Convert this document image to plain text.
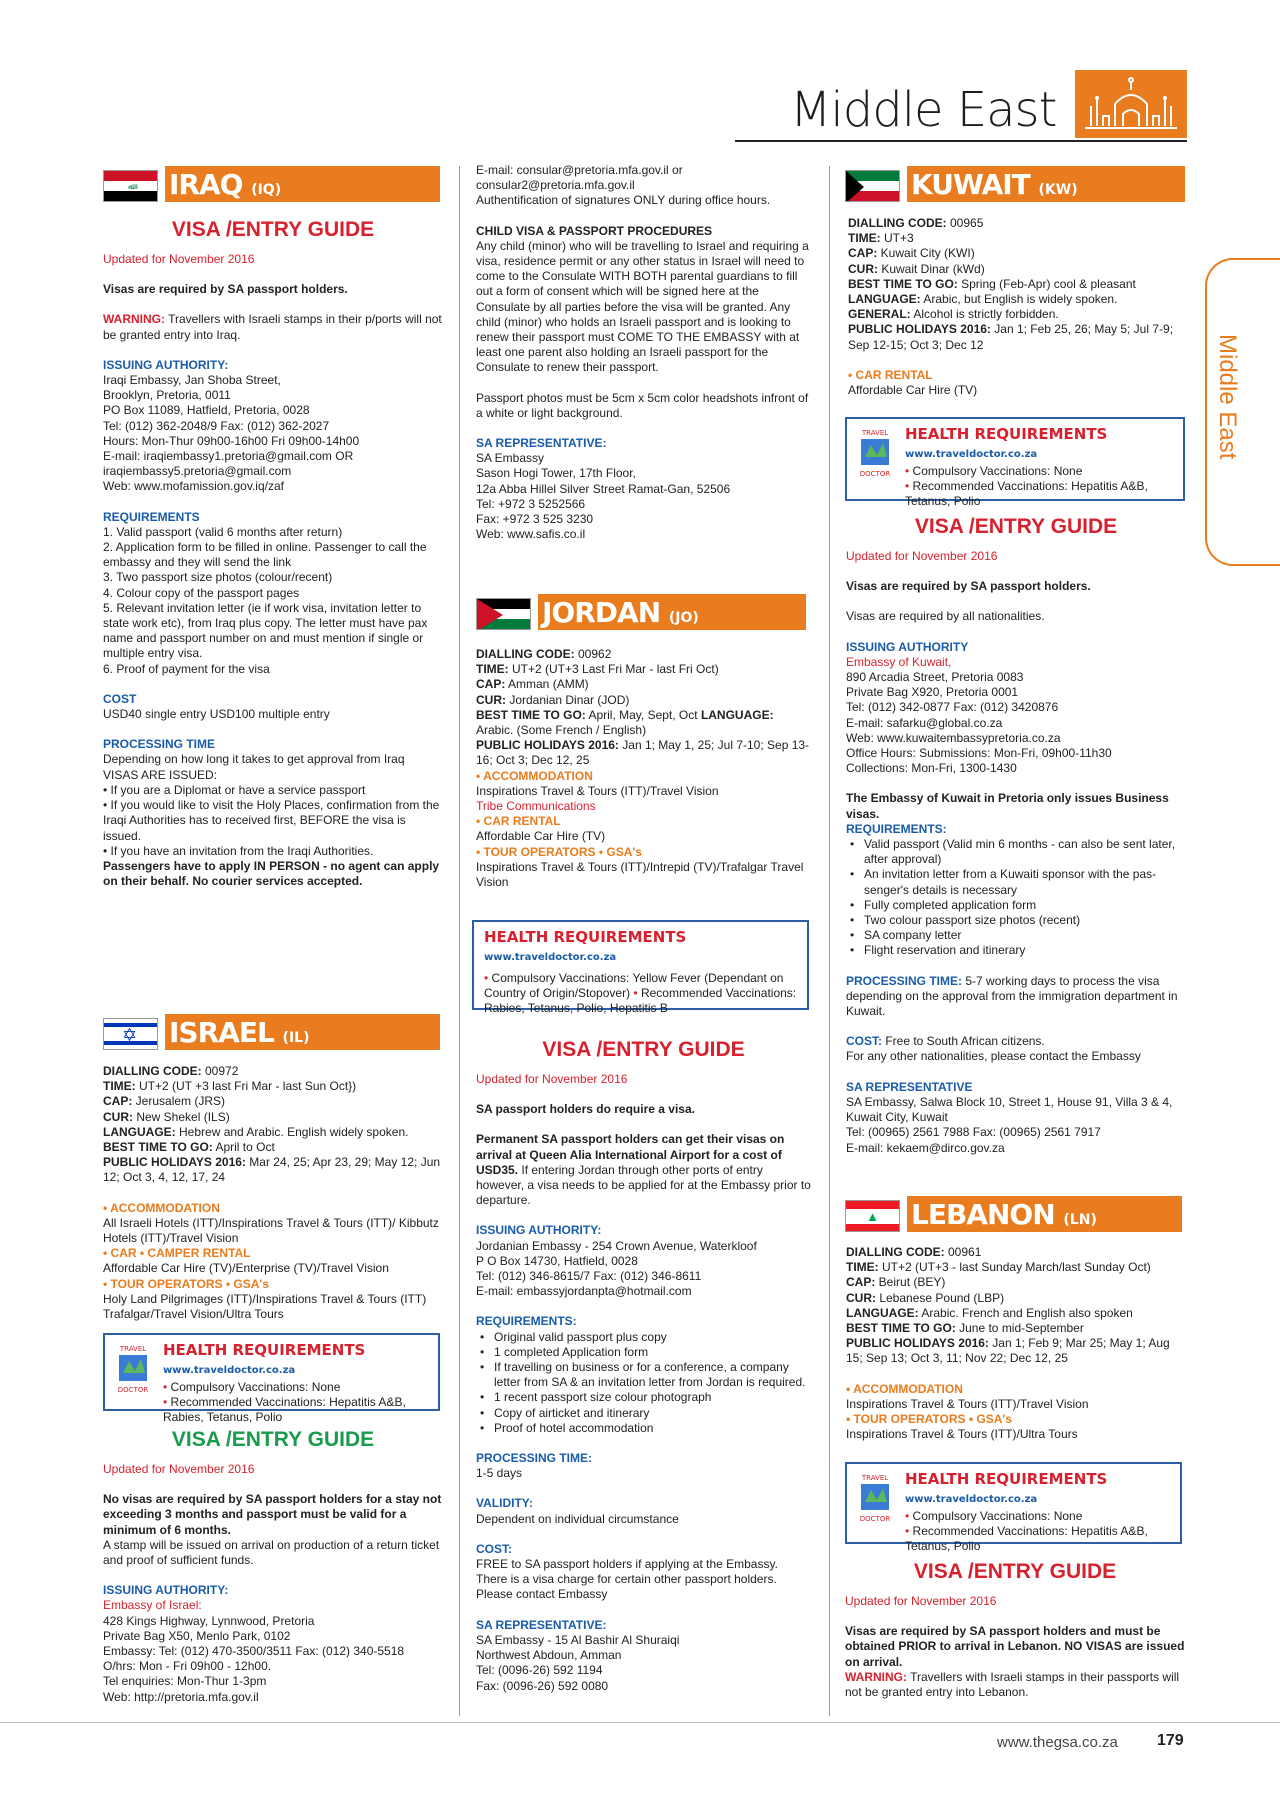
Middle East
Middle East
ﷲ	IRAQ (IQ)
VISA /ENTRY GUIDE

Updated for November 2016

Visas are required by SA passport holders.

WARNING: Travellers with Israeli stamps in their p/ports will not be granted entry into Iraq.

ISSUING AUTHORITY:

Iraqi Embassy, Jan Shoba Street,

Brooklyn, Pretoria, 0011

PO Box 11089, Hatfield, Pretoria, 0028

Tel: (012) 362-2048/9 Fax: (012) 362-2027

Hours: Mon-Thur 09h00-16h00 Fri 09h00-14h00

E-mail: iraqiembassy1.pretoria@gmail.com OR

iraqiembassy5.pretoria@gmail.com

Web: www.mofamission.gov.iq/zaf

REQUIREMENTS

1. Valid passport (valid 6 months after return)

2. Application form to be filled in online. Passenger to call the embassy and they will send the link

3. Two passport size photos (colour/recent)

4. Colour copy of the passport pages

5. Relevant invitation letter (ie if work visa, invitation letter to state work etc), from Iraq plus copy. The letter must have pax name and passport number on and must mention if single or multiple entry visa.

6. Proof of payment for the visa

COST

USD40 single entry USD100 multiple entry

PROCESSING TIME

Depending on how long it takes to get approval from Iraq

VISAS ARE ISSUED:

• If you are a Diplomat or have a service passport

• If you would like to visit the Holy Places, confirmation from the Iraqi Authorities has to received first, BEFORE the visa is issued.

• If you have an invitation from the Iraqi Authorities.

Passengers have to apply IN PERSON - no agent can apply on their behalf. No courier services accepted.

✡ ISRAEL (IL)

DIALLING CODE: 00972

TIME: UT+2 (UT +3 last Fri Mar - last Sun Oct})

CAP: Jerusalem (JRS)

CUR: New Shekel (ILS)

LANGUAGE: Hebrew and Arabic. English widely spoken.

BEST TIME TO GO: April to Oct

PUBLIC HOLIDAYS 2016: Mar 24, 25; Apr 23, 29; May 12; Jun 12; Oct 3, 4, 12, 17, 24

• ACCOMMODATION

All Israeli Hotels (ITT)/Inspirations Travel & Tours (ITT)/ Kibbutz Hotels (ITT)/Travel Vision

• CAR • CAMPER RENTAL

Affordable Car Hire (TV)/Enterprise (TV)/Travel Vision

• TOUR OPERATORS • GSA's

Holy Land Pilgrimages (ITT)/Inspirations Travel & Tours (ITT) Trafalgar/Travel Vision/Ultra Tours

TRAVEL
DOCTOR
HEALTH REQUIREMENTS www.traveldoctor.co.za
• Compulsory Vaccinations: None
• Recommended Vaccinations: Hepatitis A&B, Rabies, Tetanus, Polio
VISA /ENTRY GUIDE

Updated for November 2016

No visas are required by SA passport holders for a stay not exceeding 3 months and passport must be valid for a minimum of 6 months.

A stamp will be issued on arrival on production of a return ticket and proof of sufficient funds.

ISSUING AUTHORITY:

Embassy of Israel:

428 Kings Highway, Lynnwood, Pretoria

Private Bag X50, Menlo Park, 0102

Embassy: Tel: (012) 470-3500/3511 Fax: (012) 340-5518

O/hrs: Mon - Fri 09h00 - 12h00.

Tel enquiries: Mon-Thur 1-3pm

Web: http://pretoria.mfa.gov.il

E-mail: consular@pretoria.mfa.gov.il or

consular2@pretoria.mfa.gov.il

Authentification of signatures ONLY during office hours.

CHILD VISA & PASSPORT PROCEDURES

Any child (minor) who will be travelling to Israel and requiring a visa, residence permit or any other status in Israel will need to come to the Consulate WITH BOTH parental guardians to fill out a form of consent which will be signed here at the Consulate by all parties before the visa will be granted. Any child (minor) who holds an Israeli passport and is looking to renew their passport must COME TO THE EMBASSY with at least one parent also holding an Israeli passport for the Consulate to renew their passport.

Passport photos must be 5cm x 5cm color headshots infront of a white or light background.

SA REPRESENTATIVE:

SA Embassy

Sason Hogi Tower, 17th Floor,

12a Abba Hillel Silver Street Ramat-Gan, 52506

Tel: +972 3 5252566

Fax: +972 3 525 3230

Web: www.safis.co.il

JORDAN (JO)

DIALLING CODE: 00962

TIME: UT+2 (UT+3 Last Fri Mar - last Fri Oct)

CAP: Amman (AMM)

CUR: Jordanian Dinar (JOD)

BEST TIME TO GO: April, May, Sept, Oct LANGUAGE: Arabic. (Some French / English)

PUBLIC HOLIDAYS 2016: Jan 1; May 1, 25; Jul 7-10; Sep 13-16; Oct 3; Dec 12, 25

• ACCOMMODATION

Inspirations Travel & Tours (ITT)/Travel Vision

Tribe Communications

• CAR RENTAL

Affordable Car Hire (TV)

• TOUR OPERATORS • GSA's

Inspirations Travel & Tours (ITT)/Intrepid (TV)/Trafalgar Travel Vision

HEALTH REQUIREMENTS www.traveldoctor.co.za
• Compulsory Vaccinations: Yellow Fever (Dependant on Country of Origin/Stopover) • Recommended Vaccinations: Rabies, Tetanus, Polio, Hepatitis B
VISA /ENTRY GUIDE

Updated for November 2016

SA passport holders do require a visa.

Permanent SA passport holders can get their visas on arrival at Queen Alia International Airport for a cost of USD35. If entering Jordan through other ports of entry however, a visa needs to be applied for at the Embassy prior to departure.

ISSUING AUTHORITY:

Jordanian Embassy - 254 Crown Avenue, Waterkloof

P O Box 14730, Hatfield, 0028

Tel: (012) 346-8615/7 Fax: (012) 346-8611

E-mail: embassyjordanpta@hotmail.com

REQUIREMENTS:

• Original valid passport plus copy
• 1 completed Application form
• If travelling on business or for a conference, a company letter from SA & an invitation letter from Jordan is required.
• 1 recent passport size colour photograph
• Copy of airticket and itinerary
• Proof of hotel accommodation

PROCESSING TIME:

1-5 days

VALIDITY:

Dependent on individual circumstance

COST:

FREE to SA passport holders if applying at the Embassy. There is a visa charge for certain other passport holders. Please contact Embassy

SA REPRESENTATIVE:

SA Embassy - 15 Al Bashir Al Shuraiqi

Northwest Abdoun, Amman

Tel: (0096-26) 592 1194

Fax: (0096-26) 592 0080

KUWAIT (KW)

DIALLING CODE: 00965

TIME: UT+3

CAP: Kuwait City (KWI)

CUR: Kuwait Dinar (kWd)

BEST TIME TO GO: Spring (Feb-Apr) cool & pleasant

LANGUAGE: Arabic, but English is widely spoken.

GENERAL: Alcohol is strictly forbidden.

PUBLIC HOLIDAYS 2016: Jan 1; Feb 25, 26; May 5; Jul 7-9; Sep 12-15; Oct 3; Dec 12

• CAR RENTAL

Affordable Car Hire (TV)

TRAVEL
DOCTOR
HEALTH REQUIREMENTS www.traveldoctor.co.za
• Compulsory Vaccinations: None
• Recommended Vaccinations: Hepatitis A&B, Tetanus, Polio
VISA /ENTRY GUIDE

Updated for November 2016

Visas are required by SA passport holders.

Visas are required by all nationalities.

ISSUING AUTHORITY

Embassy of Kuwait,

890 Arcadia Street, Pretoria 0083

Private Bag X920, Pretoria 0001

Tel: (012) 342-0877 Fax: (012) 3420876

E-mail: safarku@global.co.za

Web: www.kuwaitembassypretoria.co.za

Office Hours: Submissions: Mon-Fri, 09h00-11h30

Collections: Mon-Fri, 1300-1430

The Embassy of Kuwait in Pretoria only issues Business visas.

REQUIREMENTS:

• Valid passport (Valid min 6 months - can also be sent later, after approval)
• An invitation letter from a Kuwaiti sponsor with the pas- senger's details is necessary
• Fully completed application form
• Two colour passport size photos (recent)
• SA company letter
• Flight reservation and itinerary

PROCESSING TIME: 5-7 working days to process the visa depending on the approval from the immigration department in Kuwait.

COST: Free to South African citizens.

For any other nationalities, please contact the Embassy

SA REPRESENTATIVE

SA Embassy, Salwa Block 10, Street 1, House 91, Villa 3 & 4, Kuwait City, Kuwait

Tel: (00965) 2561 7988 Fax: (00965) 2561 7917

E-mail: kekaem@dirco.gov.za

▲	LEBANON (LN)

DIALLING CODE: 00961

TIME: UT+2 (UT+3 - last Sunday March/last Sunday Oct)

CAP: Beirut (BEY)

CUR: Lebanese Pound (LBP)

LANGUAGE: Arabic. French and English also spoken

BEST TIME TO GO: June to mid-September

PUBLIC HOLIDAYS 2016: Jan 1; Feb 9; Mar 25; May 1; Aug 15; Sep 13; Oct 3, 11; Nov 22; Dec 12, 25

• ACCOMMODATION

Inspirations Travel & Tours (ITT)/Travel Vision

• TOUR OPERATORS • GSA's

Inspirations Travel & Tours (ITT)/Ultra Tours

TRAVEL
DOCTOR
HEALTH REQUIREMENTS www.traveldoctor.co.za
• Compulsory Vaccinations: None
• Recommended Vaccinations: Hepatitis A&B, Tetanus, Polio
VISA /ENTRY GUIDE

Updated for November 2016

Visas are required by SA passport holders and must be obtained PRIOR to arrival in Lebanon. NO VISAS are issued on arrival.

WARNING: Travellers with Israeli stamps in their passports will not be granted entry into Lebanon.

www.thegsa.co.za 179
